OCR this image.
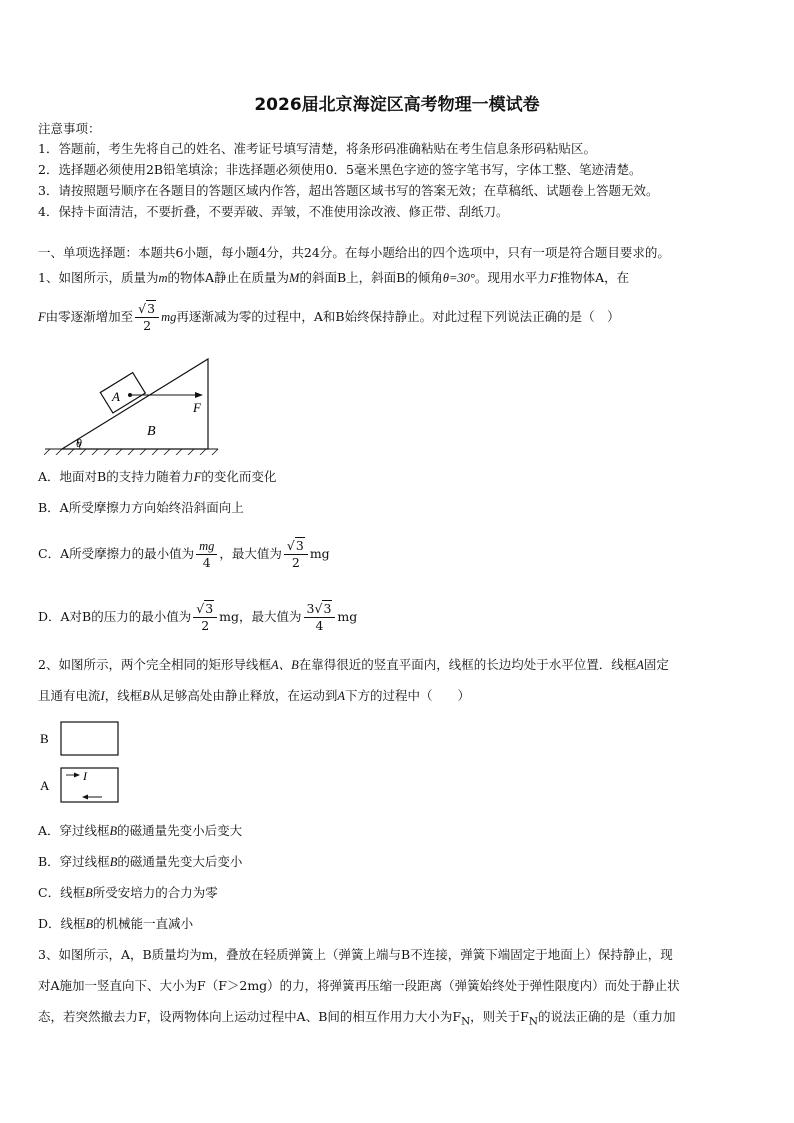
2026届北京海淀区高考物理一模试卷
注意事项：
1．答题前，考生先将自己的姓名、准考证号填写清楚，将条形码准确粘贴在考生信息条形码粘贴区。
2．选择题必须使用2B铅笔填涂；非选择题必须使用0．5毫米黑色字迹的签字笔书写，字体工整、笔迹清楚。
3．请按照题号顺序在各题目的答题区域内作答，超出答题区域书写的答案无效；在草稿纸、试题卷上答题无效。
4．保持卡面清洁，不要折叠，不要弄破、弄皱，不准使用涂改液、修正带、刮纸刀。
一、单项选择题：本题共6小题，每小题4分，共24分。在每小题给出的四个选项中，只有一项是符合题目要求的。
1、如图所示，质量为m的物体A静止在质量为M的斜面B上，斜面B的倾角θ=30°。现用水平力F推物体A，在
F由零逐渐增加至 $\frac{√3}{2}$ mg再逐渐减为零的过程中，A和B始终保持静止。对此过程下列说法正确的是（　）
A
B
F
θ
A．地面对B的支持力随着力F的变化而变化
B．A所受摩擦力方向始终沿斜面向上
C．A所受摩擦力的最小值为 $\frac{mg}{4}$ ，最大值为 $\frac{√3}{2}$ mg
D．A对B的压力的最小值为 $\frac{√3}{2}$ mg，最大值为 $\frac{3√3}{4}$ mg
2、如图所示，两个完全相同的矩形导线框A、B在靠得很近的竖直平面内，线框的长边均处于水平位置．线框A固定
且通有电流I，线框B从足够高处由静止释放，在运动到A下方的过程中（　　）
B
A
I
A．穿过线框B的磁通量先变小后变大
B．穿过线框B的磁通量先变大后变小
C．线框B所受安培力的合力为零
D．线框B的机械能一直减小
3、如图所示，A，B质量均为m，叠放在轻质弹簧上（弹簧上端与B不连接，弹簧下端固定于地面上）保持静止，现
对A施加一竖直向下、大小为F（F＞2mg）的力，将弹簧再压缩一段距离（弹簧始终处于弹性限度内）而处于静止状
态，若突然撤去力F，设两物体向上运动过程中A、B间的相互作用力大小为$F_N$，则关于$F_N$的说法正确的是（重力加
